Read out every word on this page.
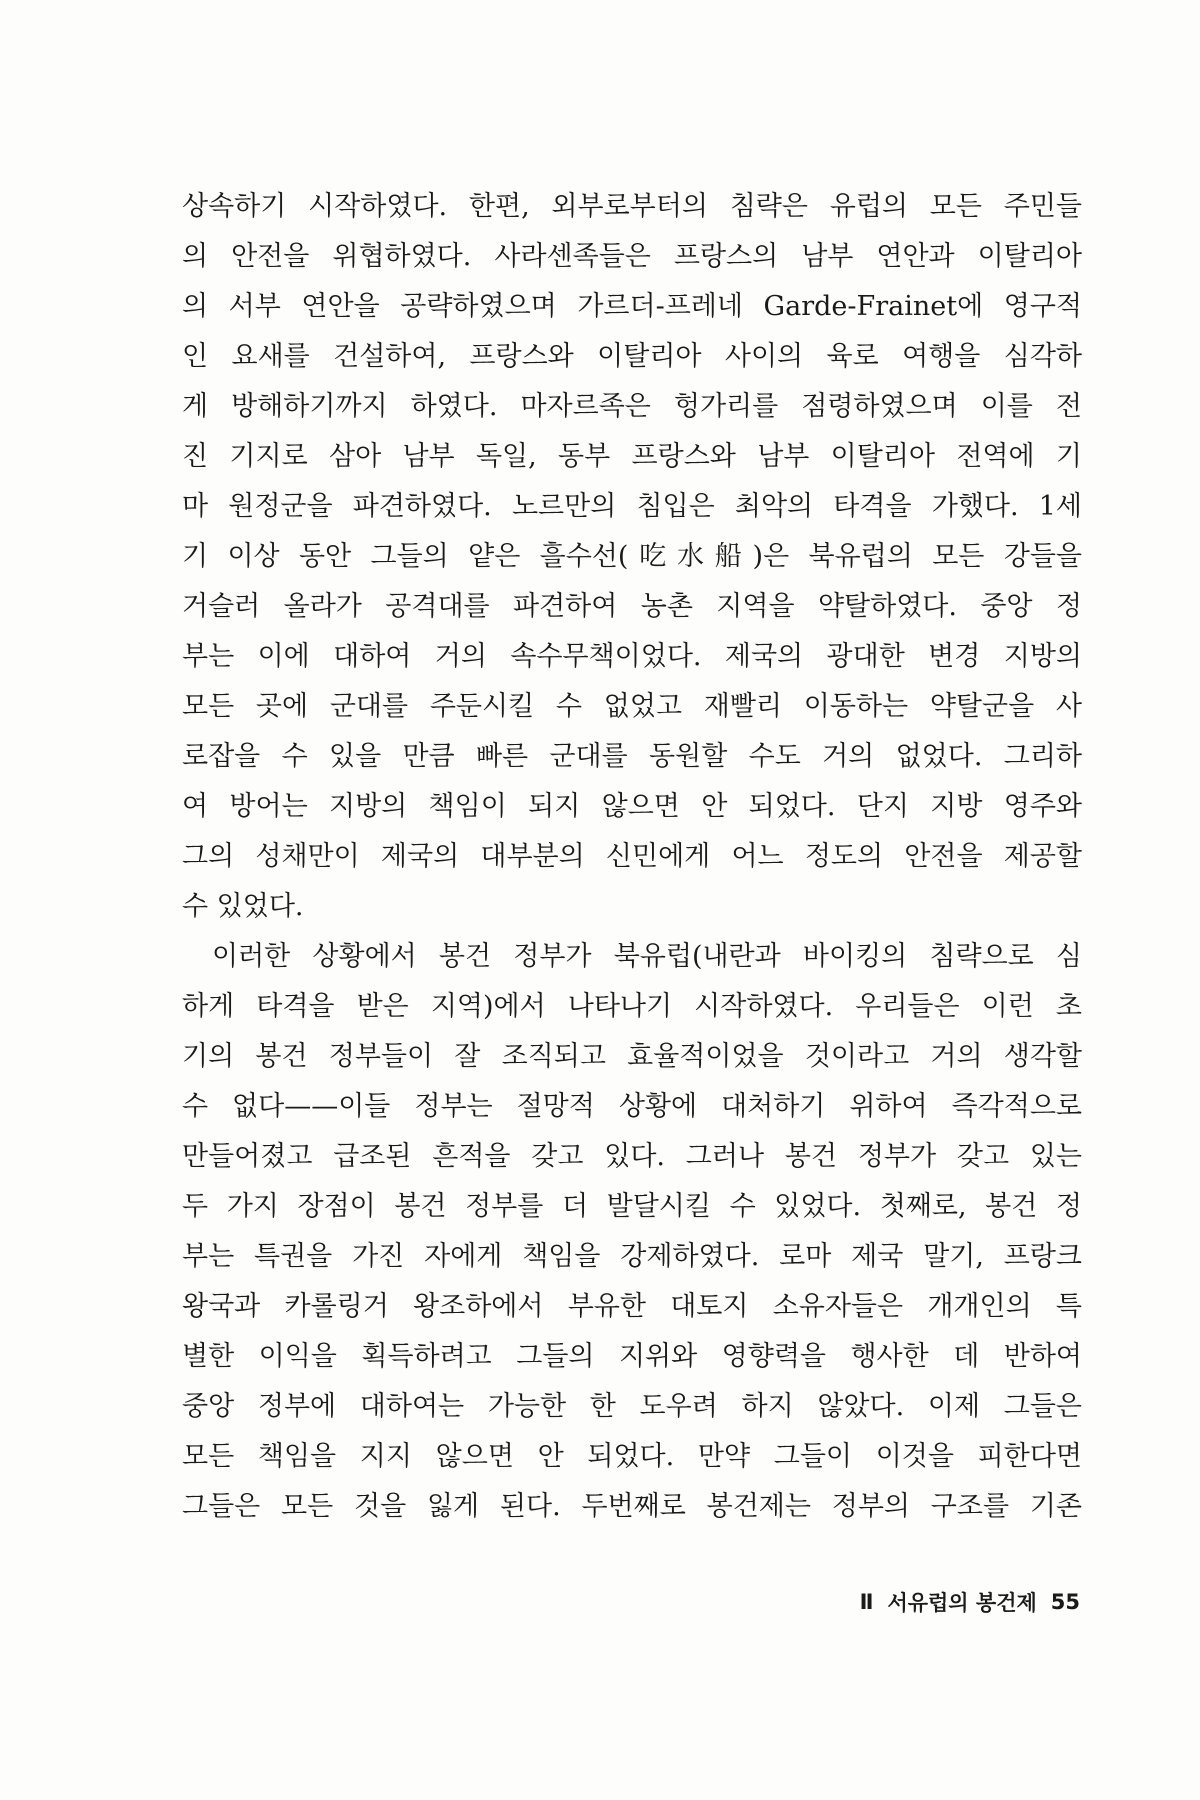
상속하기 시작하였다. 한편, 외부로부터의 침략은 유럽의 모든 주민들
의 안전을 위협하였다. 사라센족들은 프랑스의 남부 연안과 이탈리아
의 서부 연안을 공략하였으며 가르더-프레네 Garde-Frainet에 영구적
인 요새를 건설하여, 프랑스와 이탈리아 사이의 육로 여행을 심각하
게 방해하기까지 하였다. 마자르족은 헝가리를 점령하였으며 이를 전
진 기지로 삼아 남부 독일, 동부 프랑스와 남부 이탈리아 전역에 기
마 원정군을 파견하였다. 노르만의 침입은 최악의 타격을 가했다. 1세
기 이상 동안 그들의 얕은 흘수선(吃水船)은 북유럽의 모든 강들을
거슬러 올라가 공격대를 파견하여 농촌 지역을 약탈하였다. 중앙 정
부는 이에 대하여 거의 속수무책이었다. 제국의 광대한 변경 지방의
모든 곳에 군대를 주둔시킬 수 없었고 재빨리 이동하는 약탈군을 사
로잡을 수 있을 만큼 빠른 군대를 동원할 수도 거의 없었다. 그리하
여 방어는 지방의 책임이 되지 않으면 안 되었다. 단지 지방 영주와
그의 성채만이 제국의 대부분의 신민에게 어느 정도의 안전을 제공할
수 있었다.
이러한 상황에서 봉건 정부가 북유럽(내란과 바이킹의 침략으로 심
하게 타격을 받은 지역)에서 나타나기 시작하였다. 우리들은 이런 초
기의 봉건 정부들이 잘 조직되고 효율적이었을 것이라고 거의 생각할
수 없다——이들 정부는 절망적 상황에 대처하기 위하여 즉각적으로
만들어졌고 급조된 흔적을 갖고 있다. 그러나 봉건 정부가 갖고 있는
두 가지 장점이 봉건 정부를 더 발달시킬 수 있었다. 첫째로, 봉건 정
부는 특권을 가진 자에게 책임을 강제하였다. 로마 제국 말기, 프랑크
왕국과 카롤링거 왕조하에서 부유한 대토지 소유자들은 개개인의 특
별한 이익을 획득하려고 그들의 지위와 영향력을 행사한 데 반하여
중앙 정부에 대하여는 가능한 한 도우려 하지 않았다. 이제 그들은
모든 책임을 지지 않으면 안 되었다. 만약 그들이 이것을 피한다면
그들은 모든 것을 잃게 된다. 두번째로 봉건제는 정부의 구조를 기존
Ⅱ 서유럽의 봉건제 55
